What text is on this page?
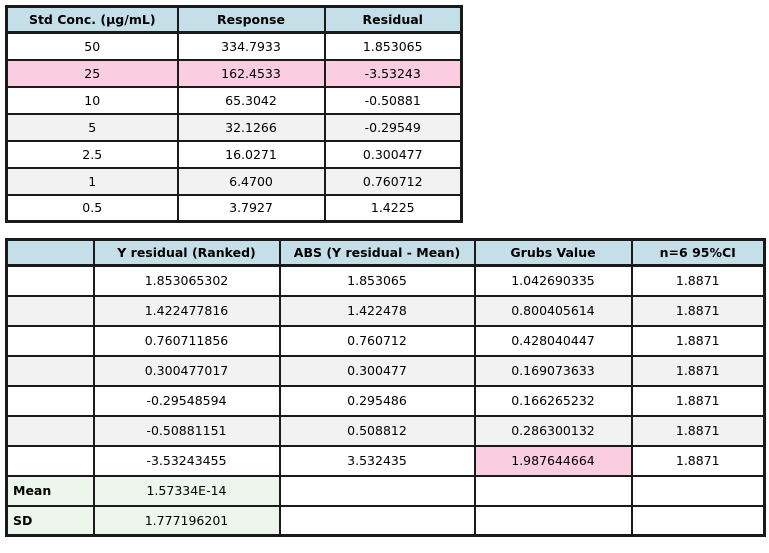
Std Conc. (µg/mL)	Response	Residual
50	334.7933	1.853065
25	162.4533	-3.53243
10	65.3042	-0.50881
5	32.1266	-0.29549
2.5	16.0271	0.300477
1	6.4700	0.760712
0.5	3.7927	1.4225
	Y residual (Ranked)	ABS (Y residual - Mean)	Grubs Value	n=6 95%CI
	1.853065302	1.853065	1.042690335	1.8871
	1.422477816	1.422478	0.800405614	1.8871
	0.760711856	0.760712	0.428040447	1.8871
	0.300477017	0.300477	0.169073633	1.8871
	-0.29548594	0.295486	0.166265232	1.8871
	-0.50881151	0.508812	0.286300132	1.8871
	-3.53243455	3.532435	1.987644664	1.8871
Mean	1.57334E-14			
SD	1.777196201			
